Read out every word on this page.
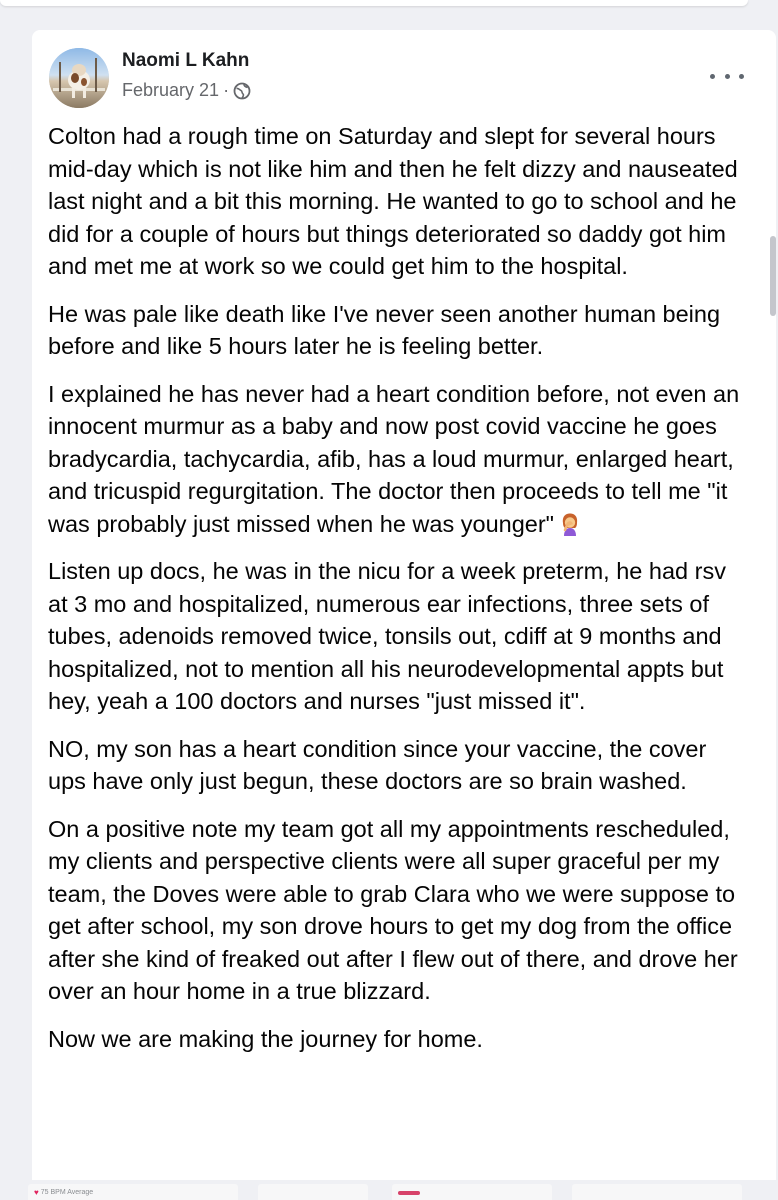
Naomi L Kahn
February 21 ·

Colton had a rough time on Saturday and slept for several hours mid-day which is not like him and then he felt dizzy and nauseated last night and a bit this morning. He wanted to go to school and he did for a couple of hours but things deteriorated so daddy got him and met me at work so we could get him to the hospital.

He was pale like death like I've never seen another human being before and like 5 hours later he is feeling better.

I explained he has never had a heart condition before, not even an innocent murmur as a baby and now post covid vaccine he goes bradycardia, tachycardia, afib, has a loud murmur, enlarged heart, and tricuspid regurgitation. The doctor then proceeds to tell me "it was probably just missed when he was younger"

Listen up docs, he was in the nicu for a week preterm, he had rsv at 3 mo and hospitalized, numerous ear infections, three sets of tubes, adenoids removed twice, tonsils out, cdiff at 9 months and hospitalized, not to mention all his neurodevelopmental appts but hey, yeah a 100 doctors and nurses "just missed it".

NO, my son has a heart condition since your vaccine, the cover ups have only just begun, these doctors are so brain washed.

On a positive note my team got all my appointments rescheduled, my clients and perspective clients were all super graceful per my team, the Doves were able to grab Clara who we were suppose to get after school, my son drove hours to get my dog from the office after she kind of freaked out after I flew out of there, and drove her over an hour home in a true blizzard.

Now we are making the journey for home.

♥ 75 BPM Average
